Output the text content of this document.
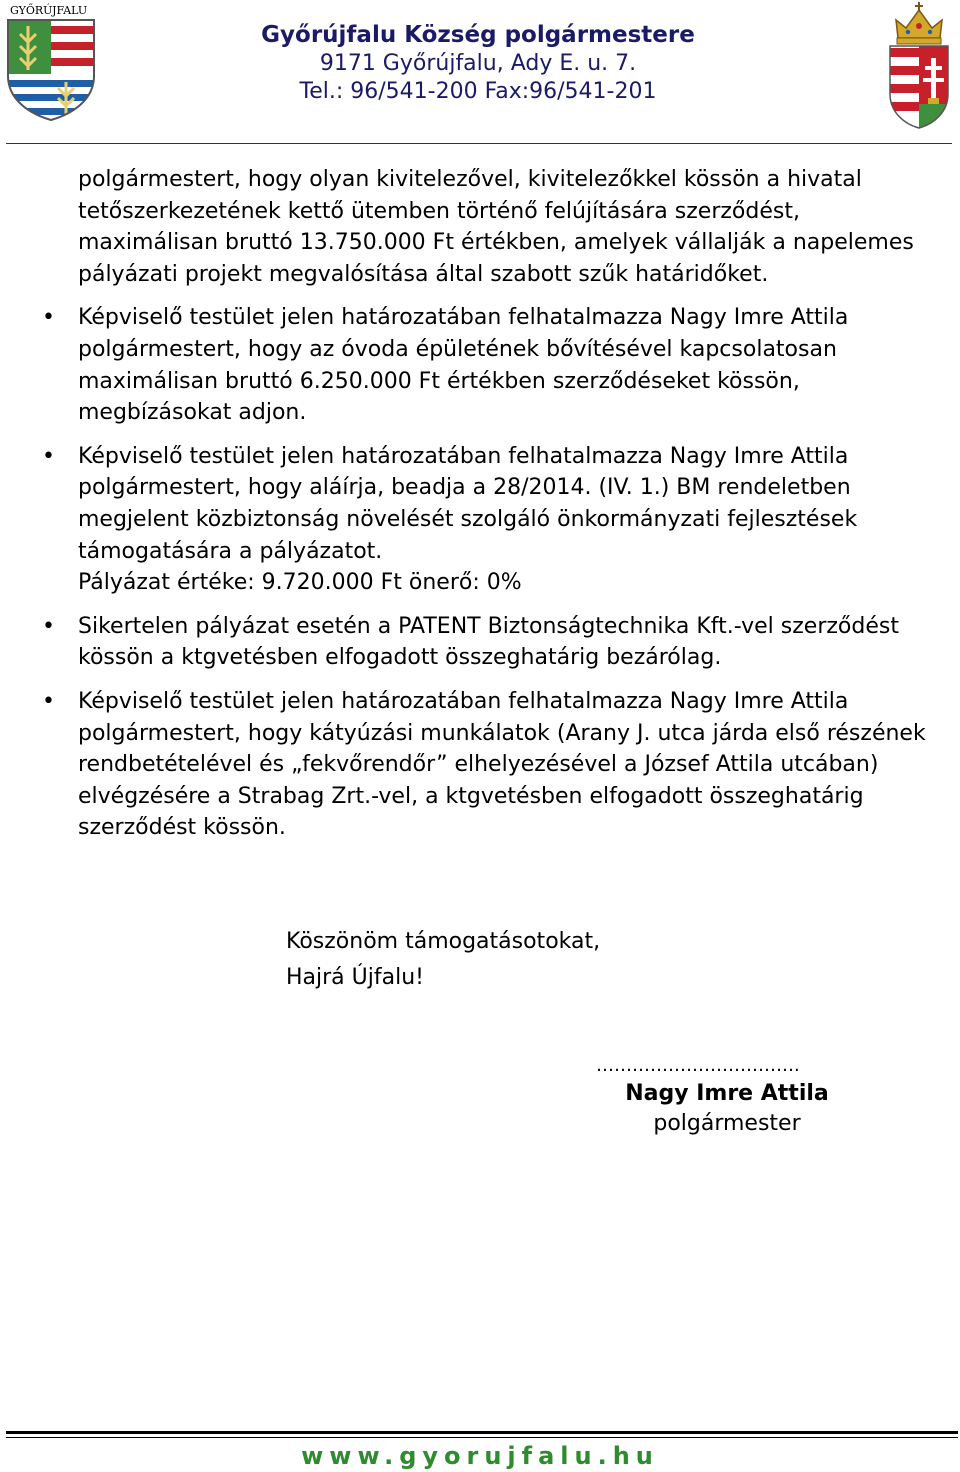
GYŐRÚJFALU
Győrújfalu Község polgármestere
9171 Győrújfalu, Ady E. u. 7.
Tel.: 96/541-200 Fax:96/541-201

polgármestert, hogy olyan kivitelezővel, kivitelezőkkel kössön a hivatal tetőszerkezetének kettő ütemben történő felújítására szerződést, maximálisan bruttó 13.750.000 Ft értékben, amelyek vállalják a napelemes pályázati projekt megvalósítása által szabott szűk határidőket.

• Képviselő testület jelen határozatában felhatalmazza Nagy Imre Attila polgármestert, hogy az óvoda épületének bővítésével kapcsolatosan maximálisan bruttó 6.250.000 Ft értékben szerződéseket kössön, megbízásokat adjon.
• Képviselő testület jelen határozatában felhatalmazza Nagy Imre Attila polgármestert, hogy aláírja, beadja a 28/2014. (IV. 1.) BM rendeletben megjelent közbiztonság növelését szolgáló önkormányzati fejlesztések támogatására a pályázatot.
Pályázat értéke: 9.720.000 Ft önerő: 0%
• Sikertelen pályázat esetén a PATENT Biztonságtechnika Kft.-vel szerződést kössön a ktgvetésben elfogadott összeghatárig bezárólag.
• Képviselő testület jelen határozatában felhatalmazza Nagy Imre Attila polgármestert, hogy kátyúzási munkálatok (Arany J. utca járda első részének rendbetételével és „fekvőrendőr” elhelyezésével a József Attila utcában) elvégzésére a Strabag Zrt.-vel, a ktgvetésben elfogadott összeghatárig szerződést kössön.
Köszönöm támogatásotokat,
Hajrá Újfalu!
…………………………….
Nagy Imre Attila
polgármester
www.gyorujfalu.hu
